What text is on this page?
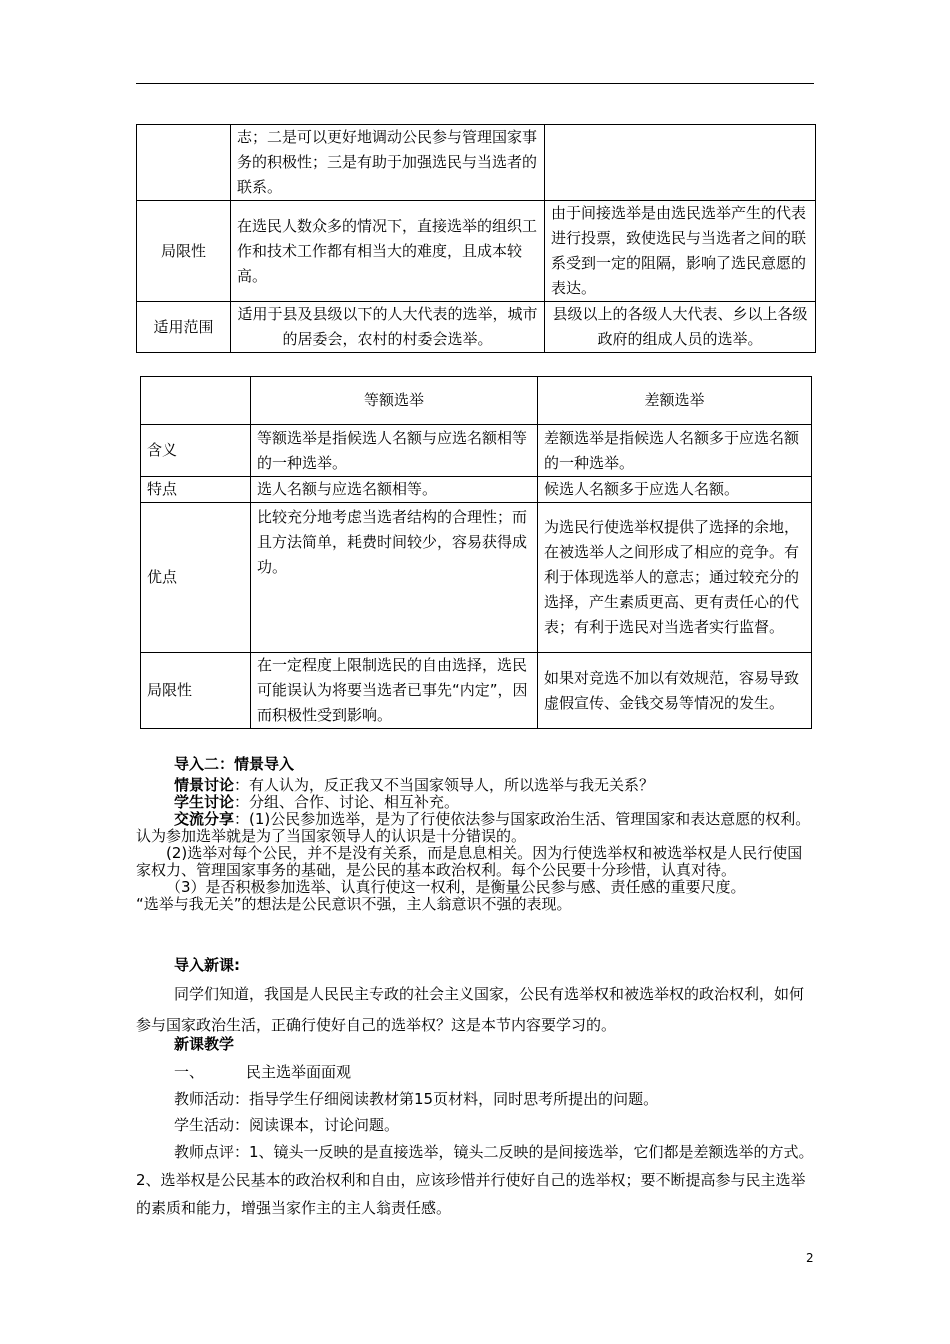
	志；二是可以更好地调动公民参与管理国家事务的积极性；三是有助于加强选民与当选者的联系。	
局限性	在选民人数众多的情况下，直接选举的组织工作和技术工作都有相当大的难度，且成本较高。	由于间接选举是由选民选举产生的代表进行投票，致使选民与当选者之间的联系受到一定的阻隔，影响了选民意愿的表达。
适用范围	适用于县及县级以下的人大代表的选举，城市的居委会，农村的村委会选举。	县级以上的各级人大代表、乡以上各级政府的组成人员的选举。
	等额选举	差额选举
含义	等额选举是指候选人名额与应选名额相等的一种选举。	差额选举是指候选人名额多于应选名额的一种选举。
特点	选人名额与应选名额相等。	候选人名额多于应选人名额。
优点	比较充分地考虑当选者结构的合理性；而且方法简单，耗费时间较少，容易获得成功。	为选民行使选举权提供了选择的余地，在被选举人之间形成了相应的竞争。有利于体现选举人的意志；通过较充分的选择，产生素质更高、更有责任心的代表；有利于选民对当选者实行监督。
局限性	在一定程度上限制选民的自由选择，选民可能误认为将要当选者已事先“内定”，因而积极性受到影响。	如果对竞选不加以有效规范，容易导致虚假宣传、金钱交易等情况的发生。
导入二：情景导入
情景讨论：有人认为，反正我又不当国家领导人，所以选举与我无关系？
学生讨论：分组、合作、讨论、相互补充。
交流分享：(1)公民参加选举，是为了行使依法参与国家政治生活、管理国家和表达意愿的权利。认为参加选举就是为了当国家领导人的认识是十分错误的。
(2)选举对每个公民，并不是没有关系，而是息息相关。因为行使选举权和被选举权是人民行使国家权力、管理国家事务的基础，是公民的基本政治权利。每个公民要十分珍惜，认真对待。
（3）是否积极参加选举、认真行使这一权利，是衡量公民参与感、责任感的重要尺度。
“选举与我无关”的想法是公民意识不强，主人翁意识不强的表现。
导入新课:
同学们知道，我国是人民民主专政的社会主义国家，公民有选举权和被选举权的政治权利，如何参与国家政治生活，正确行使好自己的选举权？这是本节内容要学习的。
新课教学
一、	民主选举面面观
教师活动：指导学生仔细阅读教材第15页材料，同时思考所提出的问题。
学生活动：阅读课本，讨论问题。
教师点评：1、镜头一反映的是直接选举，镜头二反映的是间接选举，它们都是差额选举的方式。2、选举权是公民基本的政治权利和自由，应该珍惜并行使好自己的选举权；要不断提高参与民主选举的素质和能力，增强当家作主的主人翁责任感。
2
